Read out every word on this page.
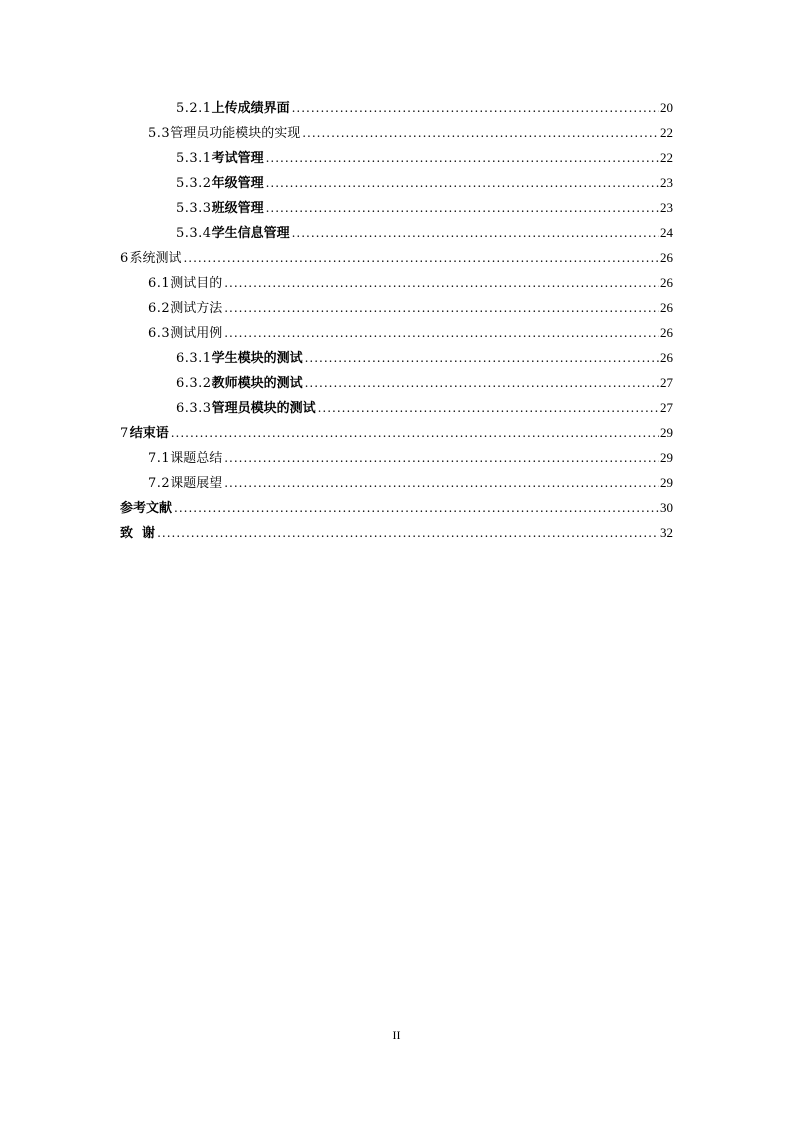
5.2.1 上传成绩界面 .....	20
5.3 管理员功能模块的实现 .....	22
5.3.1 考试管理 .....	22
5.3.2 年级管理 .....	23
5.3.3 班级管理 .....	23
5.3.4 学生信息管理 .....	24
6 系统测试 .....	26
6.1 测试目的 .....	26
6.2 测试方法 .....	26
6.3 测试用例 .....	26
6.3.1 学生模块的测试 .....	26
6.3.2 教师模块的测试 .....	27
6.3.3 管理员模块的测试 .....	27
7 结束语 .....	29
7.1 课题总结 .....	29
7.2 课题展望 .....	29
参考文献 .....	30
致  谢 .....	32
II
